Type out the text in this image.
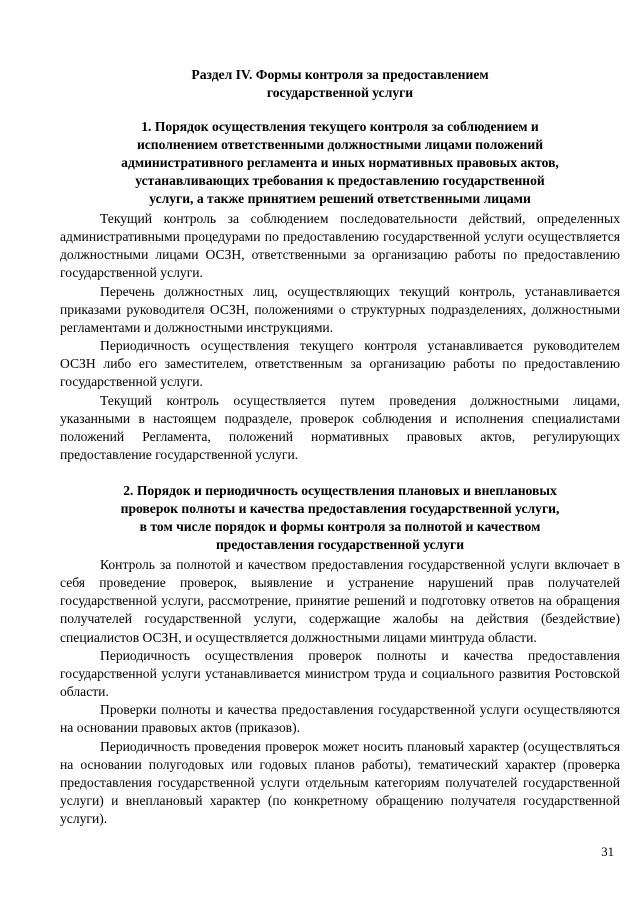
Раздел IV. Формы контроля за предоставлением
государственной услуги
1. Порядок осуществления текущего контроля за соблюдением и
исполнением ответственными должностными лицами положений
административного регламента и иных нормативных правовых актов,
устанавливающих требования к предоставлению государственной
услуги, а также принятием решений ответственными лицами

Текущий контроль за соблюдением последовательности действий, определенных административными процедурами по предоставлению государственной услуги осуществляется должностными лицами ОСЗН, ответственными за организацию работы по предоставлению государственной услуги.

Перечень должностных лиц, осуществляющих текущий контроль, устанавливается приказами руководителя ОСЗН, положениями о структурных подразделениях, должностными регламентами и должностными инструкциями.

Периодичность осуществления текущего контроля устанавливается руководителем ОСЗН либо его заместителем, ответственным за организацию работы по предоставлению государственной услуги.

Текущий контроль осуществляется путем проведения должностными лицами, указанными в настоящем подразделе, проверок соблюдения и исполнения специалистами положений Регламента, положений нормативных правовых актов, регулирующих предоставление государственной услуги.

2. Порядок и периодичность осуществления плановых и внеплановых
проверок полноты и качества предоставления государственной услуги,
в том числе порядок и формы контроля за полнотой и качеством
предоставления государственной услуги

Контроль за полнотой и качеством предоставления государственной услуги включает в себя проведение проверок, выявление и устранение нарушений прав получателей государственной услуги, рассмотрение, принятие решений и подготовку ответов на обращения получателей государственной услуги, содержащие жалобы на действия (бездействие) специалистов ОСЗН, и осуществляется должностными лицами минтруда области.

Периодичность осуществления проверок полноты и качества предоставления государственной услуги устанавливается министром труда и социального развития Ростовской области.

Проверки полноты и качества предоставления государственной услуги осуществляются на основании правовых актов (приказов).

Периодичность проведения проверок может носить плановый характер (осуществляться на основании полугодовых или годовых планов работы), тематический характер (проверка предоставления государственной услуги отдельным категориям получателей государственной услуги) и внеплановый характер (по конкретному обращению получателя государственной услуги).

31
